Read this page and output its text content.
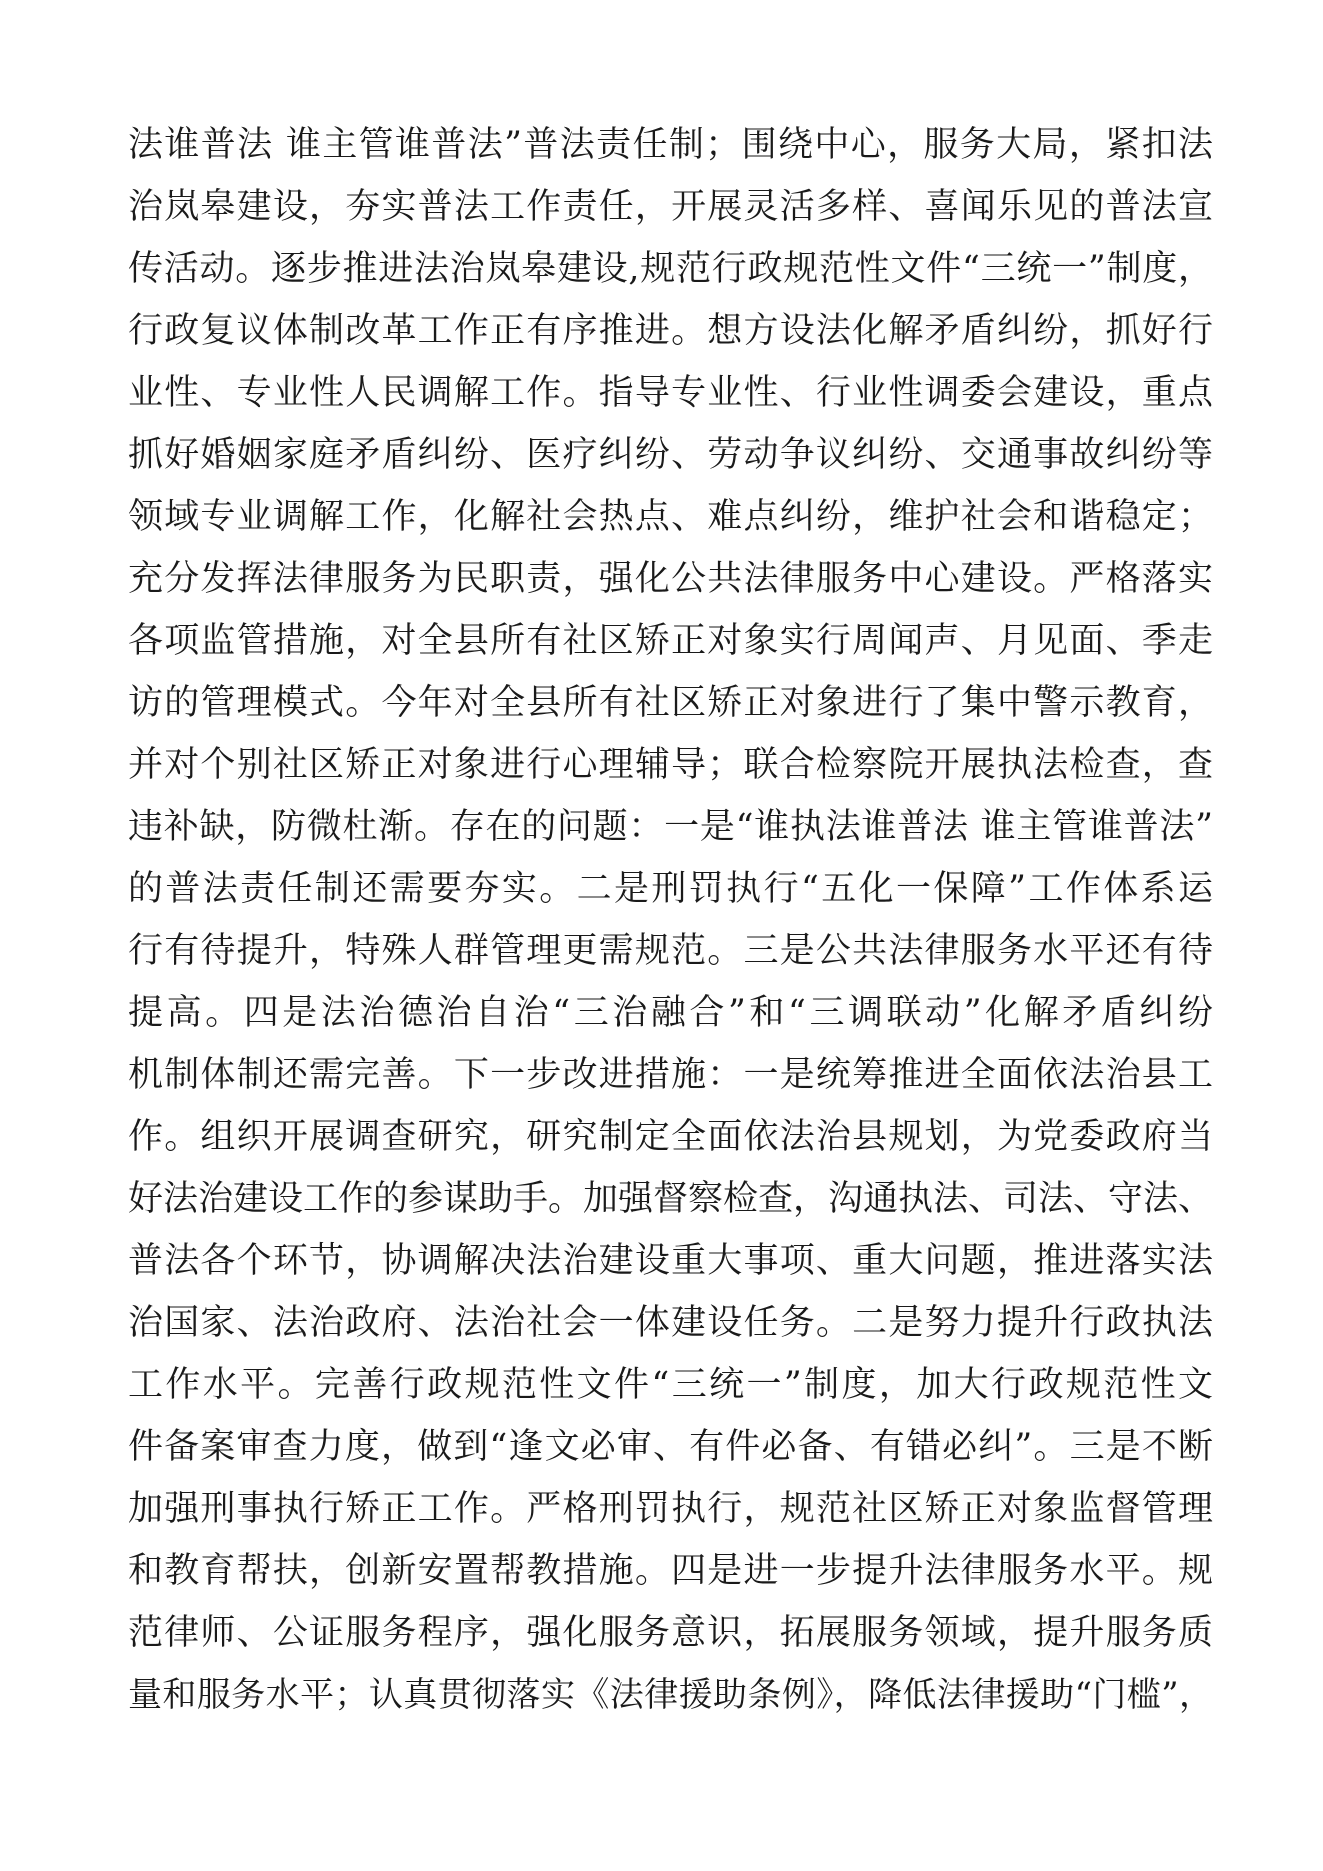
法谁普法 谁主管谁普法”普法责任制；围绕中心，服务大局，紧扣法
治岚皋建设，夯实普法工作责任，开展灵活多样、喜闻乐见的普法宣
传活动。逐步推进法治岚皋建设,规范行政规范性文件“三统一”制度，
行政复议体制改革工作正有序推进。想方设法化解矛盾纠纷，抓好行
业性、专业性人民调解工作。指导专业性、行业性调委会建设，重点
抓好婚姻家庭矛盾纠纷、医疗纠纷、劳动争议纠纷、交通事故纠纷等
领域专业调解工作，化解社会热点、难点纠纷，维护社会和谐稳定；
充分发挥法律服务为民职责，强化公共法律服务中心建设。严格落实
各项监管措施，对全县所有社区矫正对象实行周闻声、月见面、季走
访的管理模式。今年对全县所有社区矫正对象进行了集中警示教育，
并对个别社区矫正对象进行心理辅导；联合检察院开展执法检查，查
违补缺，防微杜渐。存在的问题：一是“谁执法谁普法 谁主管谁普法”
的普法责任制还需要夯实。二是刑罚执行“五化一保障”工作体系运
行有待提升，特殊人群管理更需规范。三是公共法律服务水平还有待
提高。四是法治德治自治“三治融合”和“三调联动”化解矛盾纠纷
机制体制还需完善。下一步改进措施：一是统筹推进全面依法治县工
作。组织开展调查研究，研究制定全面依法治县规划，为党委政府当
好法治建设工作的参谋助手。加强督察检查，沟通执法、司法、守法、
普法各个环节，协调解决法治建设重大事项、重大问题，推进落实法
治国家、法治政府、法治社会一体建设任务。二是努力提升行政执法
工作水平。完善行政规范性文件“三统一”制度，加大行政规范性文
件备案审查力度，做到“逢文必审、有件必备、有错必纠”。三是不断
加强刑事执行矫正工作。严格刑罚执行，规范社区矫正对象监督管理
和教育帮扶，创新安置帮教措施。四是进一步提升法律服务水平。规
范律师、公证服务程序，强化服务意识，拓展服务领域，提升服务质
量和服务水平；认真贯彻落实《法律援助条例》，降低法律援助“门槛”，
